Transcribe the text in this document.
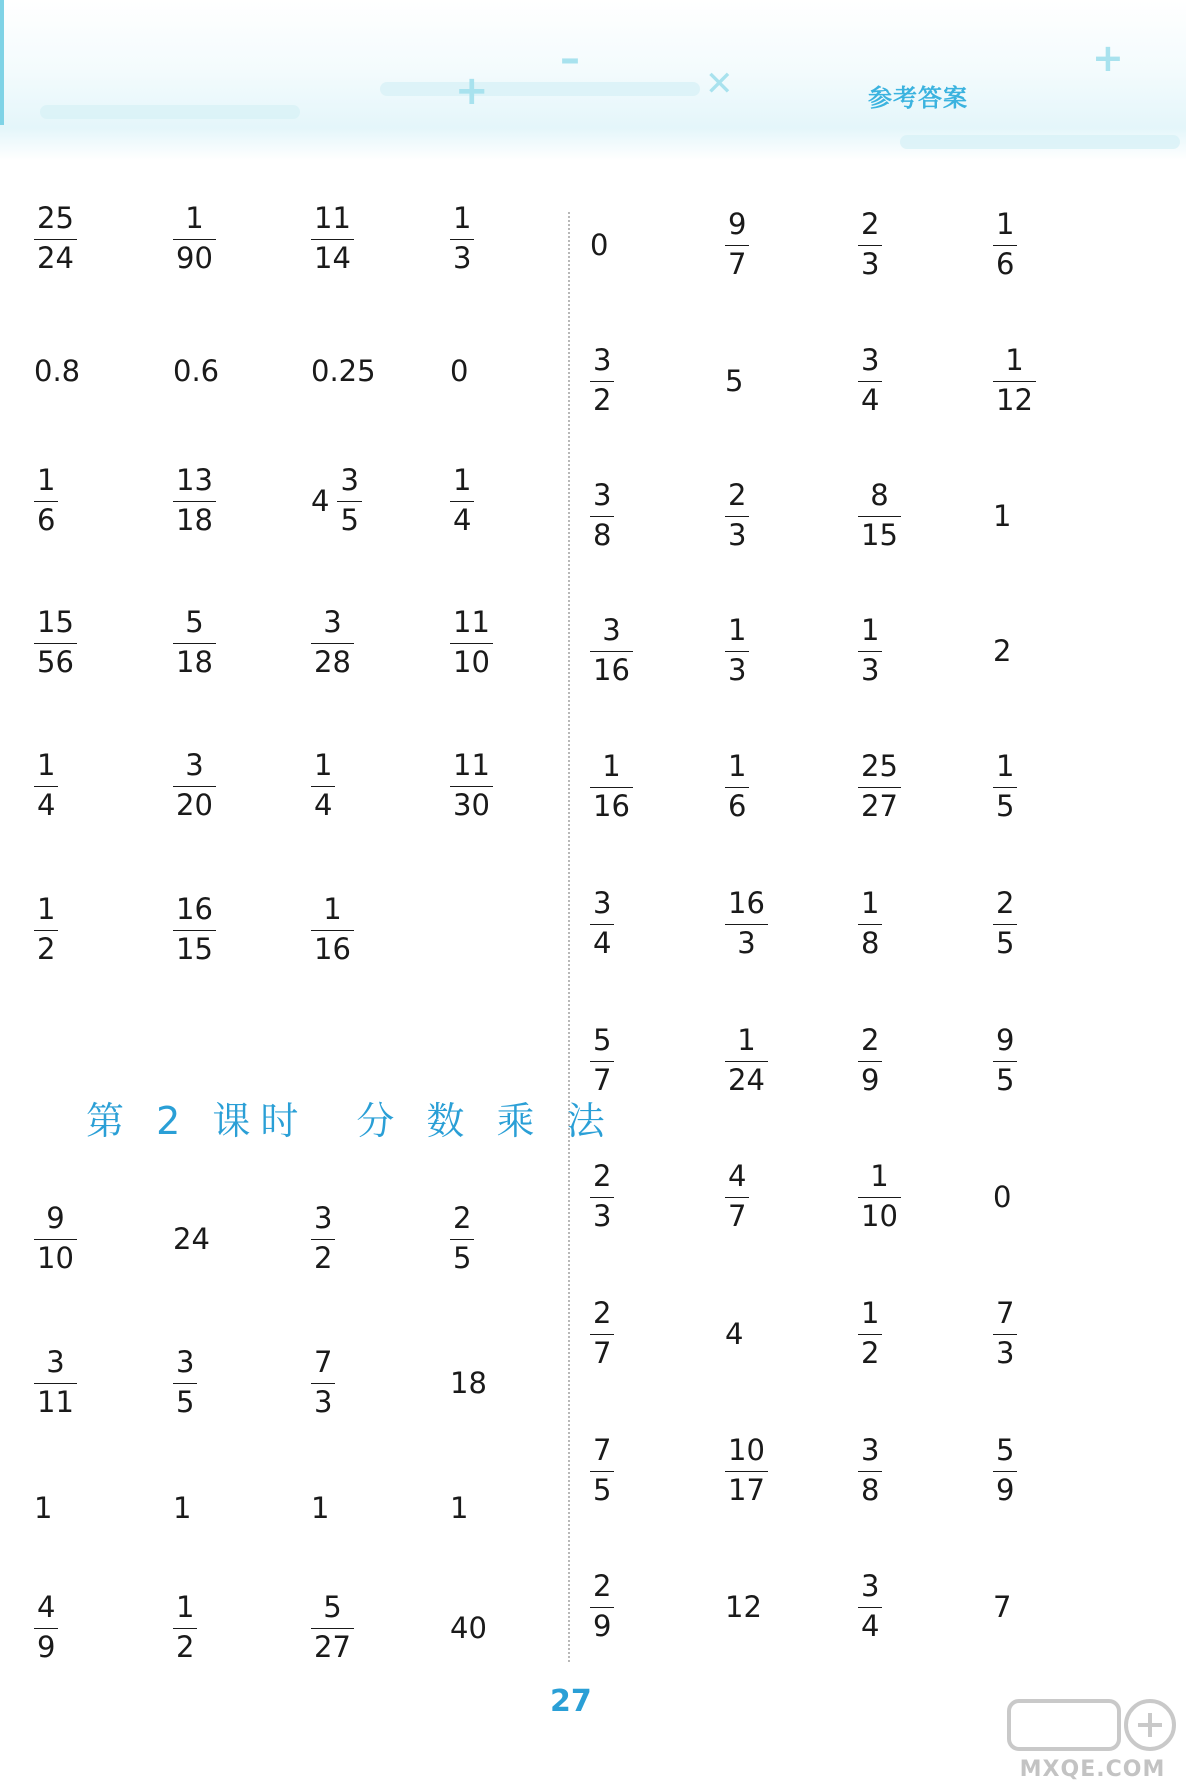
+
–
✕
+
参考答案
$\frac{25}{24}$	$\frac{1}{90}$	$\frac{11}{14}$	$\frac{1}{3}$
0.8	0.6	0.25	0
$\frac{1}{6}$	$\frac{13}{18}$	$4 \frac{3}{5}$	$\frac{1}{4}$
$\frac{15}{56}$	$\frac{5}{18}$	$\frac{3}{28}$	$\frac{11}{10}$
$\frac{1}{4}$	$\frac{3}{20}$	$\frac{1}{4}$	$\frac{11}{30}$
$\frac{1}{2}$	$\frac{16}{15}$	$\frac{1}{16}$
$\frac{9}{10}$	24	$\frac{3}{2}$	$\frac{2}{5}$
$\frac{3}{11}$	$\frac{3}{5}$	$\frac{7}{3}$	18
1	1	1	1
$\frac{4}{9}$	$\frac{1}{2}$	$\frac{5}{27}$	40
0	$\frac{9}{7}$	$\frac{2}{3}$	$\frac{1}{6}$
$\frac{3}{2}$	5	$\frac{3}{4}$	$\frac{1}{12}$
$\frac{3}{8}$	$\frac{2}{3}$	$\frac{8}{15}$	1
$\frac{3}{16}$	$\frac{1}{3}$	$\frac{1}{3}$	2
$\frac{1}{16}$	$\frac{1}{6}$	$\frac{25}{27}$	$\frac{1}{5}$
$\frac{3}{4}$	$\frac{16}{3}$	$\frac{1}{8}$	$\frac{2}{5}$
$\frac{5}{7}$	$\frac{1}{24}$	$\frac{2}{9}$	$\frac{9}{5}$
$\frac{2}{3}$	$\frac{4}{7}$	$\frac{1}{10}$	0
$\frac{2}{7}$	4	$\frac{1}{2}$	$\frac{7}{3}$
$\frac{7}{5}$	$\frac{10}{17}$	$\frac{3}{8}$	$\frac{5}{9}$
$\frac{2}{9}$	12	$\frac{3}{4}$	7
第 2 课时　分 数 乘 法
27
MXQE.COM
